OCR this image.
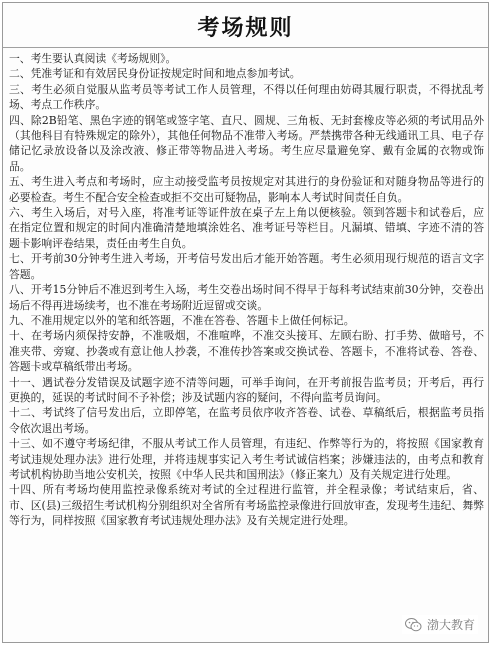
考场规则

一、考生要认真阅读《考场规则》。

二、凭准考证和有效居民身份证按规定时间和地点参加考试。

三、考生必须自觉服从监考员等考试工作人员管理，不得以任何理由妨碍其履行职责，不得扰乱考场、考点工作秩序。

四、除2B铅笔、黑色字迹的钢笔或签字笔、直尺、圆规、三角板、无封套橡皮等必须的考试用品外（其他科目有特殊规定的除外），其他任何物品不准带入考场。严禁携带各种无线通讯工具、电子存储记忆录放设备以及涂改液、修正带等物品进入考场。考生应尽量避免穿、戴有金属的衣物或饰品。

五、考生进入考点和考场时，应主动接受监考员按规定对其进行的身份验证和对随身物品等进行的必要检查。考生不配合安全检查或拒不交出可疑物品，影响本人考试时间责任自负。

六、考生入场后，对号入座，将准考证等证件放在桌子左上角以便核验。领到答题卡和试卷后，应在指定位置和规定的时间内准确清楚地填涂姓名、准考证号等栏目。凡漏填、错填、字迹不清的答题卡影响评卷结果，责任由考生自负。

七、开考前30分钟考生进入考场，开考信号发出后才能开始答题。考生必须用现行规范的语言文字答题。

八、开考15分钟后不准迟到考生入场，考生交卷出场时间不得早于每科考试结束前30分钟，交卷出场后不得再进场续考，也不准在考场附近逗留或交谈。

九、不准用规定以外的笔和纸答题，不准在答卷、答题卡上做任何标记。

十、在考场内须保持安静，不准吸烟，不准喧哗，不准交头接耳、左顾右盼、打手势、做暗号，不准夹带、旁窥、抄袭或有意让他人抄袭，不准传抄答案或交换试卷、答题卡，不准将试卷、答卷、答题卡或草稿纸带出考场。

十一、遇试卷分发错误及试题字迹不清等问题，可举手询问，在开考前报告监考员；开考后，再行更换的，延误的考试时间不予补偿；涉及试题内容的疑问，不得向监考员询问。

十二、考试终了信号发出后，立即停笔，在监考员依序收齐答卷、试卷、草稿纸后，根据监考员指令依次退出考场。

十三、如不遵守考场纪律，不服从考试工作人员管理，有违纪、作弊等行为的，将按照《国家教育考试违规处理办法》进行处理，并将违规事实记入考生考试诚信档案；涉嫌违法的，由考点和教育考试机构协助当地公安机关，按照《中华人民共和国刑法》（修正案九）及有关规定进行处理。

十四、所有考场均使用监控录像系统对考试的全过程进行监管，并全程录像；考试结束后，省、市、区(县)三级招生考试机构分别组织对全省所有考场监控录像进行回放审查，发现考生违纪、舞弊等行为，同样按照《国家教育考试违规处理办法》及有关规定进行处理。

渤大教育
